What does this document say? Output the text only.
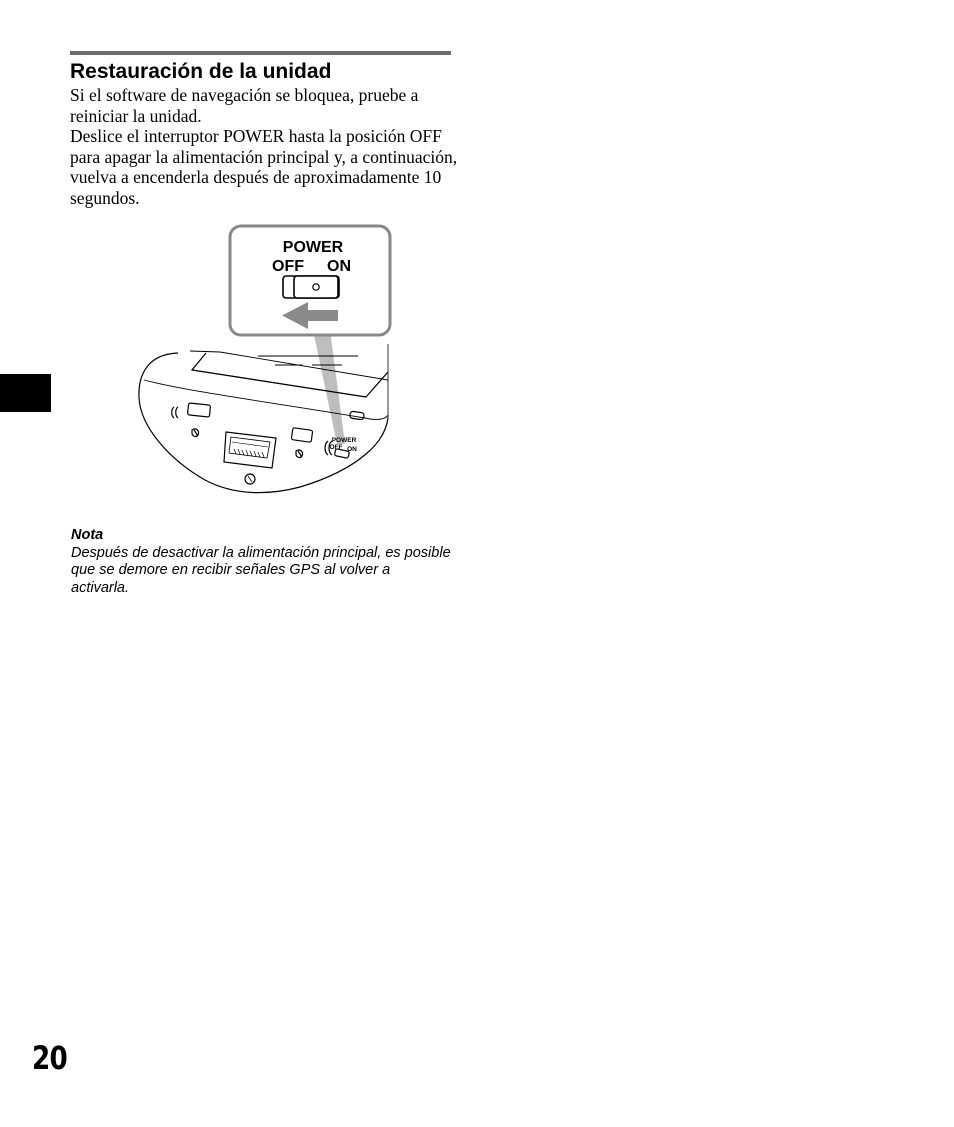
Restauración de la unidad

Si el software de navegación se bloquea, pruebe a reiniciar la unidad.

Deslice el interruptor POWER hasta la posición OFF para apagar la alimentación principal y, a continuación, vuelva a encenderla después de aproximadamente 10 segundos.

POWER
OFF ON
POWER
OFF ON
Nota
Después de desactivar la alimentación principal, es posible que se demore en recibir señales GPS al volver a activarla.
20
